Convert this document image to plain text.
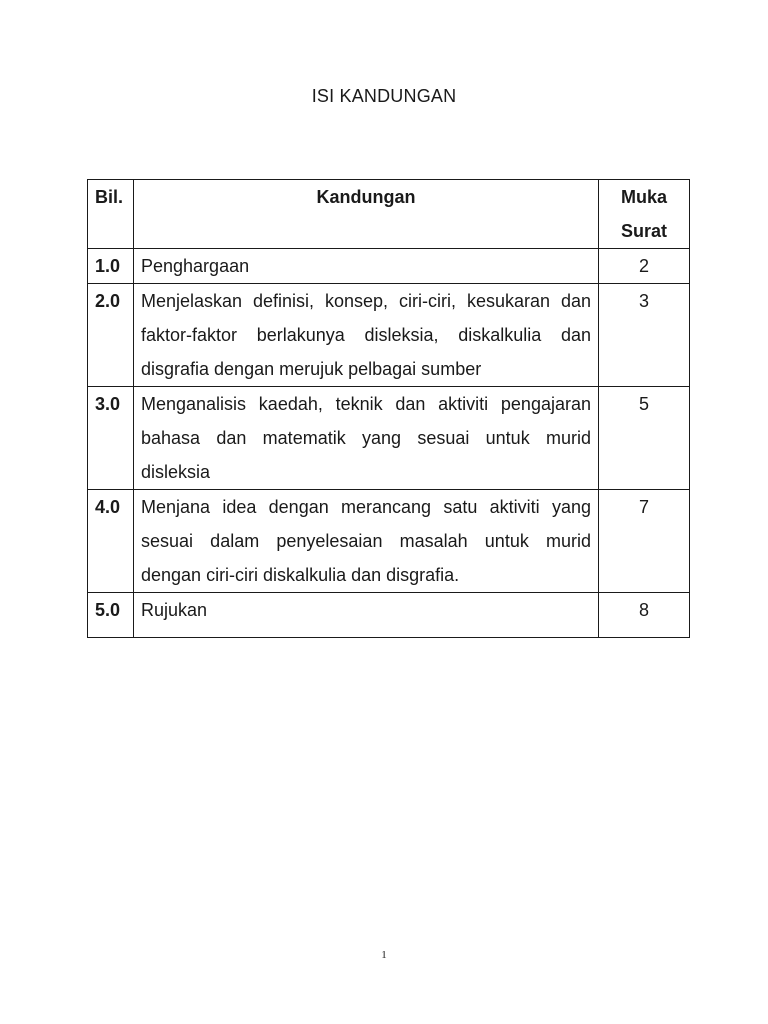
ISI KANDUNGAN
Bil.	Kandungan	Muka Surat
1.0	Penghargaan	2
2.0	Menjelaskan definisi, konsep, ciri-ciri, kesukaran dan faktor-faktor berlakunya disleksia, diskalkulia dan disgrafia dengan merujuk pelbagai sumber	3
3.0	Menganalisis kaedah, teknik dan aktiviti pengajaran bahasa dan matematik yang sesuai untuk murid disleksia	5
4.0	Menjana idea dengan merancang satu aktiviti yang sesuai dalam penyelesaian masalah untuk murid dengan ciri-ciri diskalkulia dan disgrafia.	7
5.0	Rujukan	8
1
